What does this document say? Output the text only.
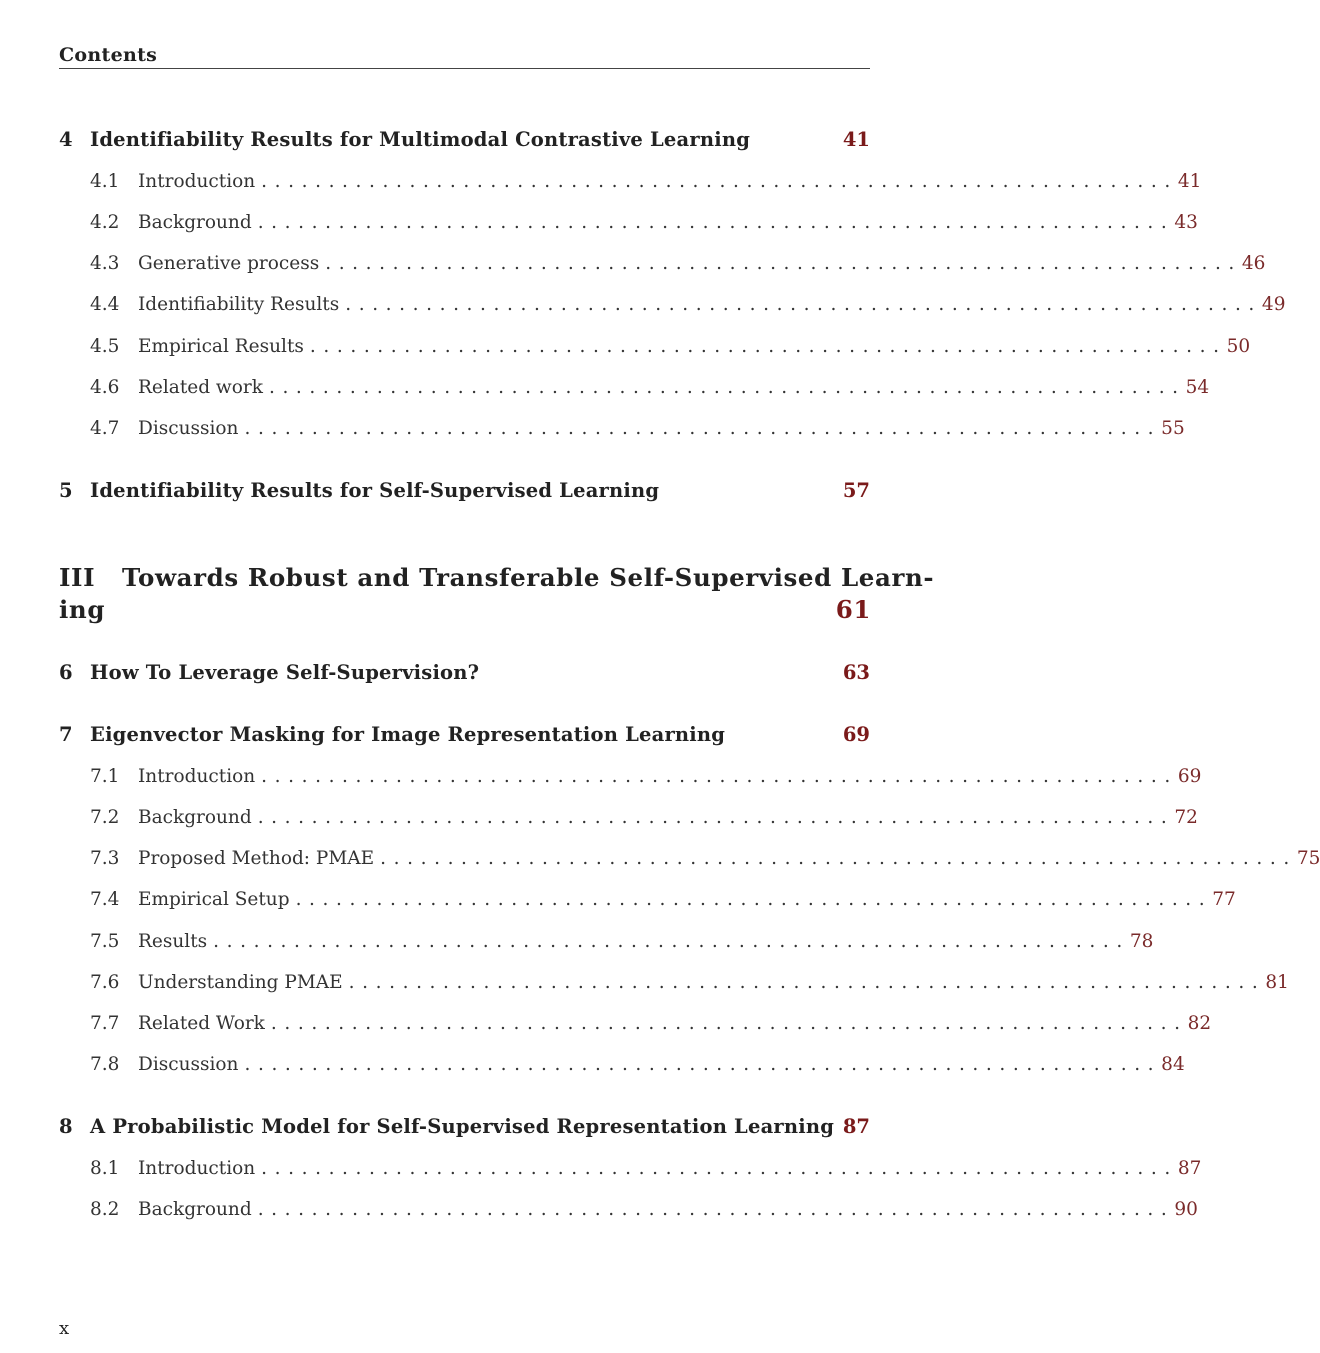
Contents
4 Identifiability Results for Multimodal Contrastive Learning	41
4.1 Introduction .................................................................... 41
4.2 Background .................................................................... 43
4.3 Generative process .................................................................... 46
4.4 Identifiability Results .................................................................... 49
4.5 Empirical Results .................................................................... 50
4.6 Related work .................................................................... 54
4.7 Discussion .................................................................... 55
5 Identifiability Results for Self-Supervised Learning	57
III Towards Robust and Transferable Self-Supervised Learn-
ing	61
6 How To Leverage Self-Supervision?	63
7 Eigenvector Masking for Image Representation Learning	69
7.1 Introduction .................................................................... 69
7.2 Background .................................................................... 72
7.3 Proposed Method: PMAE .................................................................... 75
7.4 Empirical Setup .................................................................... 77
7.5 Results .................................................................... 78
7.6 Understanding PMAE .................................................................... 81
7.7 Related Work .................................................................... 82
7.8 Discussion .................................................................... 84
8 A Probabilistic Model for Self-Supervised Representation Learning 87
8.1 Introduction .................................................................... 87
8.2 Background .................................................................... 90
x
